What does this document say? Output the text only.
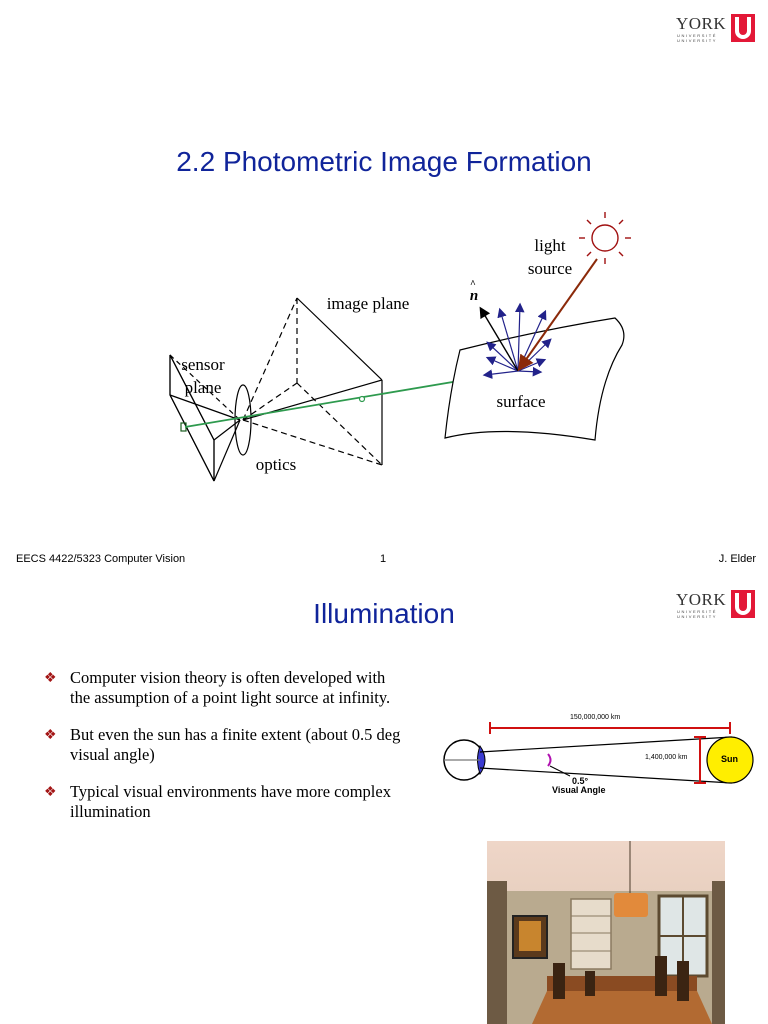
YORK
UNIVERSITÉ
UNIVERSITY
2.2 Photometric Image Formation
light
source
image plane
^
n
sensor
plane
surface
optics
EECS 4422/5323 Computer Vision	1	J. Elder
YORK
UNIVERSITÉ
UNIVERSITY
Illumination
❖ Computer vision theory is often developed with the assumption of a point light source at infinity.
❖ But even the sun has a finite extent (about 0.5 deg visual angle)
❖ Typical visual environments have more complex illumination
150,000,000 km
1,400,000 km	Sun
0.5°
Visual Angle
